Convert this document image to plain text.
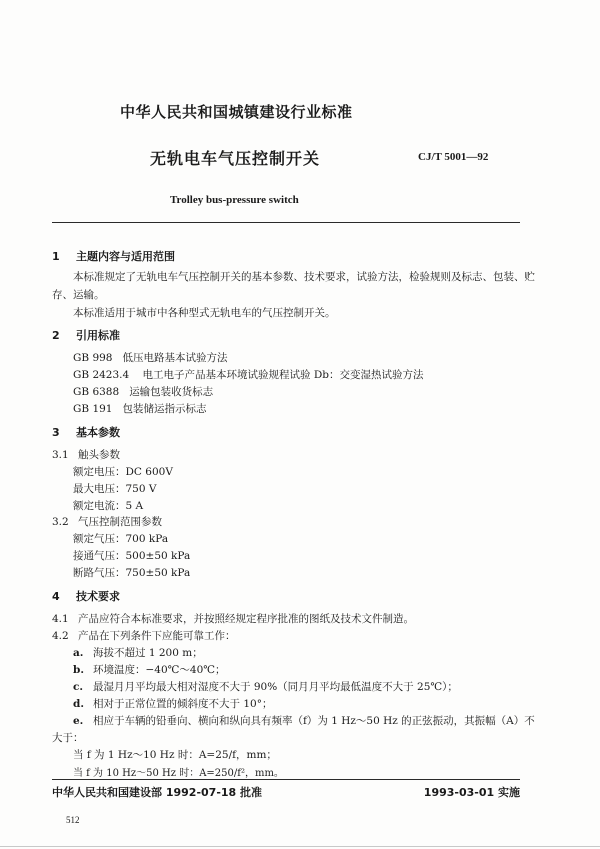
中华人民共和国城镇建设行业标准
无轨电车气压控制开关	CJ/T 5001—92
Trolley bus-pressure switch
1 主题内容与适用范围
本标准规定了无轨电车气压控制开关的基本参数、技术要求，试验方法，检验规则及标志、包装、贮
存、运输。
本标准适用于城市中各种型式无轨电车的气压控制开关。
2 引用标准
GB 998 低压电路基本试验方法
GB 2423.4 电工电子产品基本环境试验规程试验 Db：交变湿热试验方法
GB 6388 运输包装收货标志
GB 191 包装储运指示标志
3 基本参数
3.1 触头参数
额定电压：DC 600V
最大电压：750 V
额定电流：5 A
3.2 气压控制范围参数
额定气压：700 kPa
接通气压：500±50 kPa
断路气压：750±50 kPa
4 技术要求
4.1 产品应符合本标准要求，并按照经规定程序批准的图纸及技术文件制造。
4.2 产品在下列条件下应能可靠工作：
a. 海拔不超过 1 200 m；
b. 环境温度：−40℃～40℃；
c. 最湿月月平均最大相对湿度不大于 90%（同月月平均最低温度不大于 25℃）；
d. 相对于正常位置的倾斜度不大于 10°；
e. 相应于车辆的铅垂向、横向和纵向具有频率（f）为 1 Hz～50 Hz 的正弦振动，其振幅（A）不
大于：
当 f 为 1 Hz～10 Hz 时：A=25/f，mm；
当 f 为 10 Hz～50 Hz 时：A=250/f²，mm。
中华人民共和国建设部 1992-07-18 批准	1993-03-01 实施
512
